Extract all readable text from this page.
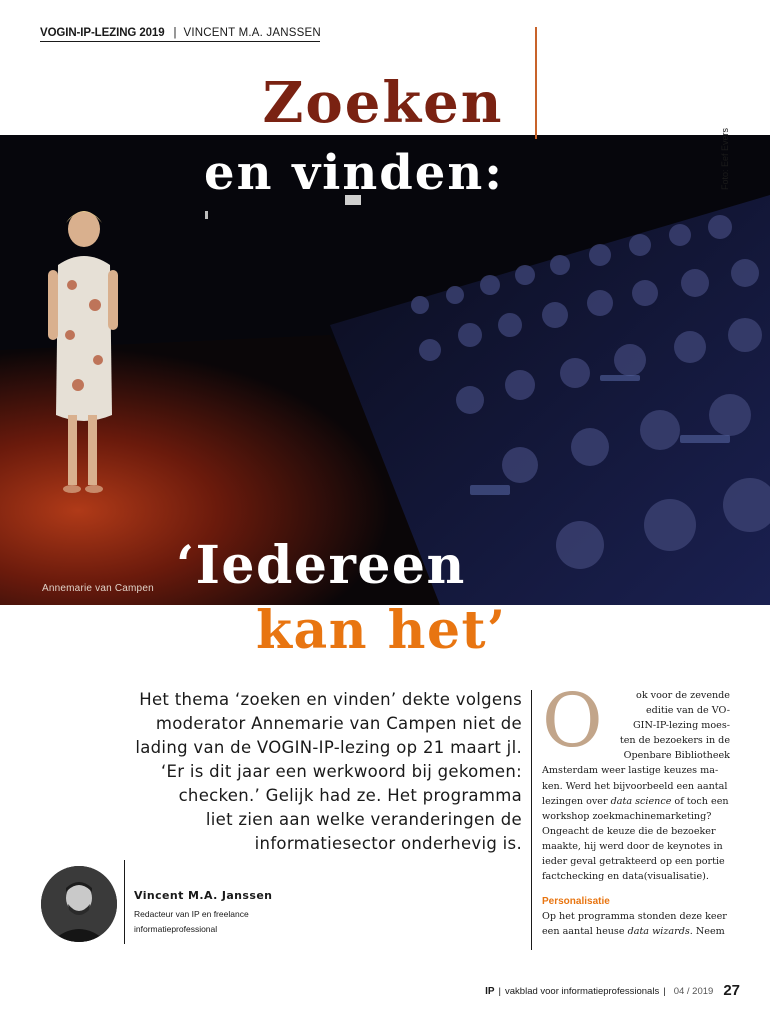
VOGIN-IP-LEZING 2019 | VINCENT M.A. JANSSEN
Zoeken
en vinden:	Foto: Eef Evers
Annemarie van Campen ‘Iedereen
kan het’
Het thema ‘zoeken en vinden’ dekte volgens
moderator Annemarie van Campen niet de
lading van de VOGIN-IP-lezing op 21 maart jl.
‘Er is dit jaar een werkwoord bij gekomen:
checken.’ Gelijk had ze. Het programma
liet zien aan welke veranderingen de
informatiesector onderhevig is.
Vincent M.A. Janssen
Redacteur van IP en freelance
informatieprofessional
O	ok voor de zevende
editie van de VO-
GIN-IP-lezing moes-
ten de bezoekers in de
Openbare Bibliotheek
Amsterdam weer lastige keuzes ma-
ken. Werd het bijvoorbeeld een aantal
lezingen over data science of toch een
workshop zoekmachinemarketing?
Ongeacht de keuze die de bezoeker
maakte, hij werd door de keynotes in
ieder geval getrakteerd op een portie
factchecking en data(visualisatie).
Personalisatie
Op het programma stonden deze keer
een aantal heuse data wizards. Neem
IP | vakblad voor informatieprofessionals | 04 / 2019 27
